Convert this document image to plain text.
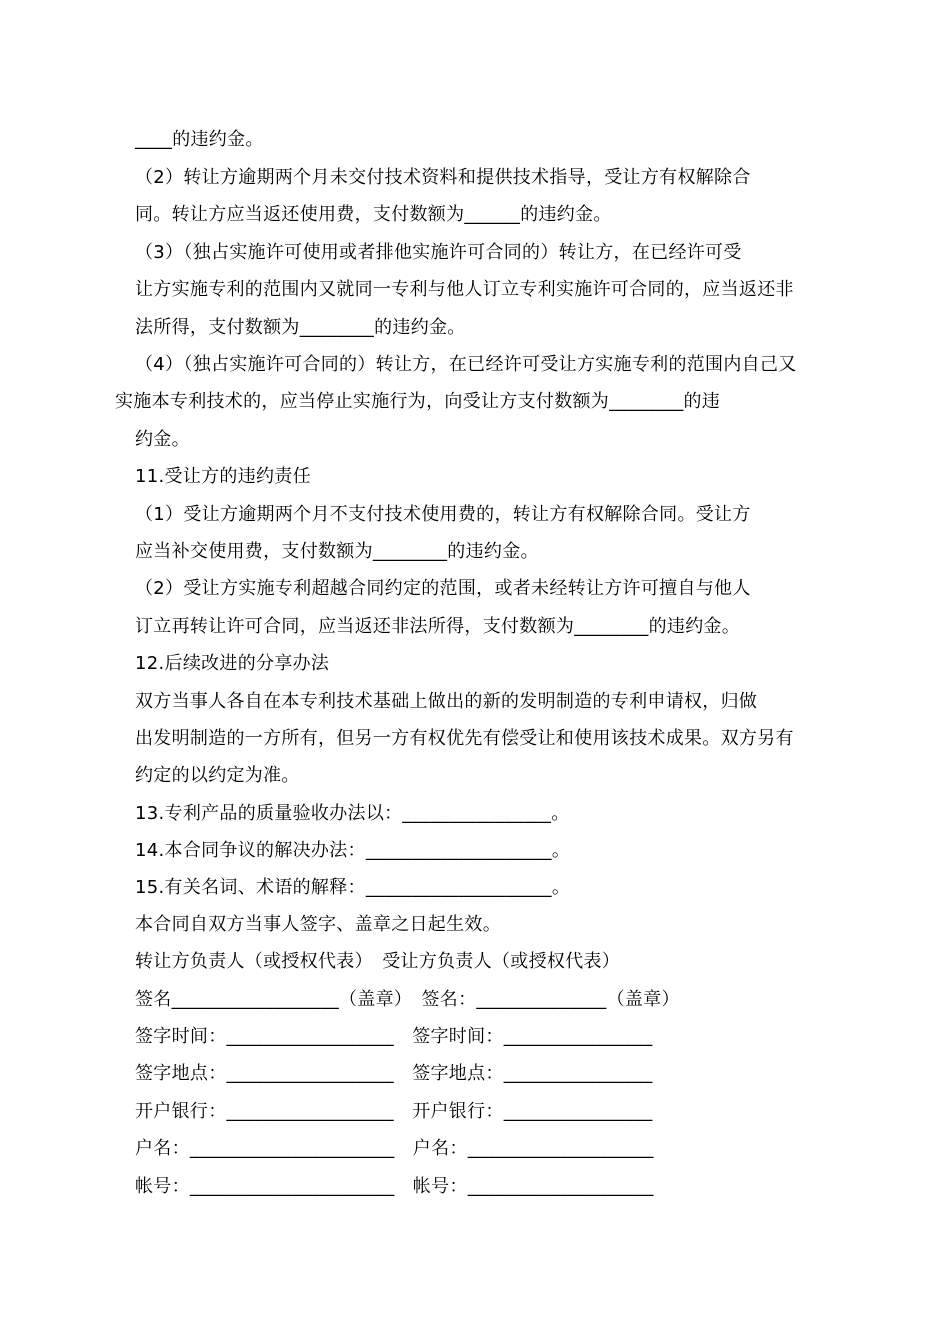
____的违约金。
（2）转让方逾期两个月未交付技术资料和提供技术指导，受让方有权解除合
同。转让方应当返还使用费，支付数额为______的违约金。
（3）（独占实施许可使用或者排他实施许可合同的）转让方，在已经许可受
让方实施专利的范围内又就同一专利与他人订立专利实施许可合同的，应当返还非
法所得，支付数额为________的违约金。
（4）（独占实施许可合同的）转让方，在已经许可受让方实施专利的范围内自己又
实施本专利技术的，应当停止实施行为，向受让方支付数额为________的违
约金。
11.受让方的违约责任
（1）受让方逾期两个月不支付技术使用费的，转让方有权解除合同。受让方
应当补交使用费，支付数额为________的违约金。
（2）受让方实施专利超越合同约定的范围，或者未经转让方许可擅自与他人
订立再转让许可合同，应当返还非法所得，支付数额为________的违约金。
12.后续改进的分享办法
双方当事人各自在本专利技术基础上做出的新的发明制造的专利申请权，归做
出发明制造的一方所有，但另一方有权优先有偿受让和使用该技术成果。双方另有
约定的以约定为准。
13.专利产品的质量验收办法以：________________。
14.本合同争议的解决办法：____________________。
15.有关名词、术语的解释：____________________。
本合同自双方当事人签字、盖章之日起生效。
转让方负责人（或授权代表）　受让方负责人（或授权代表）
签名__________________（盖章）　签名：______________（盖章）
签字时间：__________________　签字时间：________________
签字地点：__________________　签字地点：________________
开户银行：__________________　开户银行：________________
户名：______________________　户名：____________________
帐号：______________________　帐号：____________________
